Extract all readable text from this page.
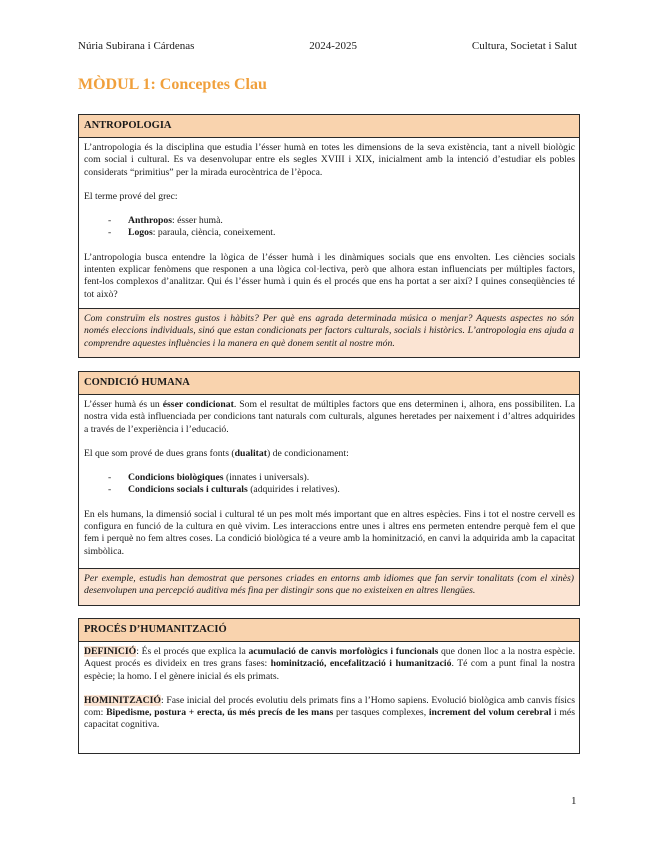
Núria Subirana i Cárdenas	2024-2025	Cultura, Societat i Salut
MÒDUL 1: Conceptes Clau
ANTROPOLOGIA

L’antropologia és la disciplina que estudia l’ésser humà en totes les dimensions de la seva existència, tant a nivell biològic com social i cultural. Es va desenvolupar entre els segles XVIII i XIX, inicialment amb la intenció d’estudiar els pobles considerats “primitius” per la mirada eurocèntrica de l’època.

El terme prové del grec:

- Anthropos: ésser humà.
- Logos: paraula, ciència, coneixement.

L’antropologia busca entendre la lògica de l’ésser humà i les dinàmiques socials que ens envolten. Les ciències socials intenten explicar fenòmens que responen a una lògica col·lectiva, però que alhora estan influenciats per múltiples factors, fent-los complexos d’analitzar. Qui és l’ésser humà i quin és el procés que ens ha portat a ser així? I quines conseqüències té tot això?

Com construïm els nostres gustos i hàbits? Per què ens agrada determinada música o menjar? Aquests aspectes no són només eleccions individuals, sinó que estan condicionats per factors culturals, socials i històrics. L’antropologia ens ajuda a comprendre aquestes influències i la manera en què donem sentit al nostre món.
CONDICIÓ HUMANA

L’ésser humà és un ésser condicionat. Som el resultat de múltiples factors que ens determinen i, alhora, ens possibiliten. La nostra vida està influenciada per condicions tant naturals com culturals, algunes heretades per naixement i d’altres adquirides a través de l’experiència i l’educació.

El que som prové de dues grans fonts (dualitat) de condicionament:

- Condicions biològiques (innates i universals).
- Condicions socials i culturals (adquirides i relatives).

En els humans, la dimensió social i cultural té un pes molt més important que en altres espècies. Fins i tot el nostre cervell es configura en funció de la cultura en què vivim. Les interaccions entre unes i altres ens permeten entendre perquè fem el que fem i perquè no fem altres coses. La condició biològica té a veure amb la hominització, en canvi la adquirida amb la capacitat simbòlica.

Per exemple, estudis han demostrat que persones criades en entorns amb idiomes que fan servir tonalitats (com el xinès) desenvolupen una percepció auditiva més fina per distingir sons que no existeixen en altres llengües.
PROCÉS D’HUMANITZACIÓ

DEFINICIÓ: És el procés que explica la acumulació de canvis morfològics i funcionals que donen lloc a la nostra espècie. Aquest procés es divideix en tres grans fases: hominització, encefalització i humanització. Té com a punt final la nostra espècie; la homo. I el gènere inicial és els primats.

HOMINITZACIÓ: Fase inicial del procés evolutiu dels primats fins a l’Homo sapiens. Evolució biològica amb canvis físics com: Bipedisme, postura + erecta, ús més precís de les mans per tasques complexes, increment del volum cerebral i més capacitat cognitiva.

1
